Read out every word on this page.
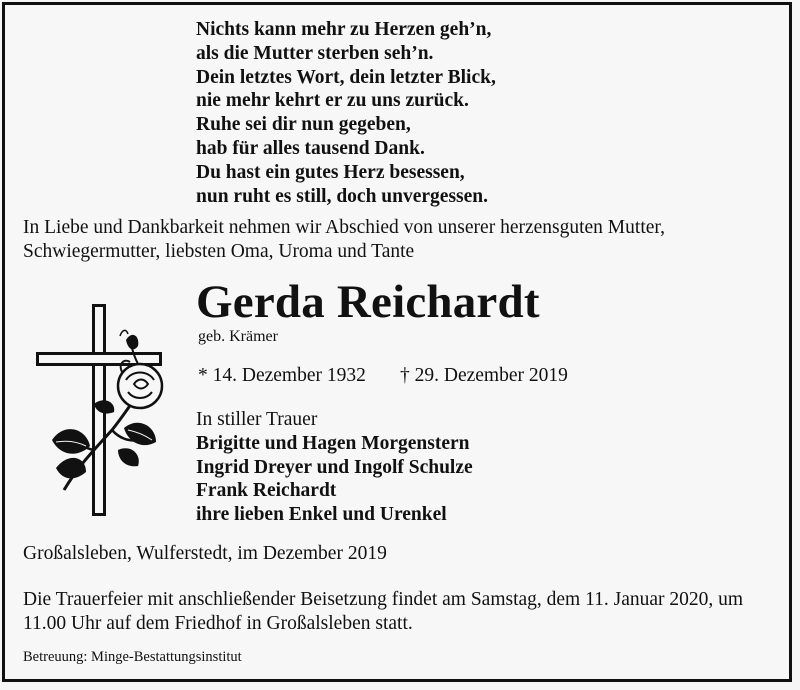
Nichts kann mehr zu Herzen geh’n,
als die Mutter sterben seh’n.
Dein letztes Wort, dein letzter Blick,
nie mehr kehrt er zu uns zurück.
Ruhe sei dir nun gegeben,
hab für alles tausend Dank.
Du hast ein gutes Herz besessen,
nun ruht es still, doch unvergessen.
In Liebe und Dankbarkeit nehmen wir Abschied von unserer herzensguten Mutter,
Schwiegermutter, liebsten Oma, Uroma und Tante
Gerda Reichardt
geb. Krämer
* 14. Dezember 1932 † 29. Dezember 2019
In stiller Trauer
Brigitte und Hagen Morgenstern
Ingrid Dreyer und Ingolf Schulze
Frank Reichardt
ihre lieben Enkel und Urenkel
Großalsleben, Wulferstedt, im Dezember 2019
Die Trauerfeier mit anschließender Beisetzung findet am Samstag, dem 11. Januar 2020, um
11.00 Uhr auf dem Friedhof in Großalsleben statt.
Betreuung: Minge-Bestattungsinstitut
